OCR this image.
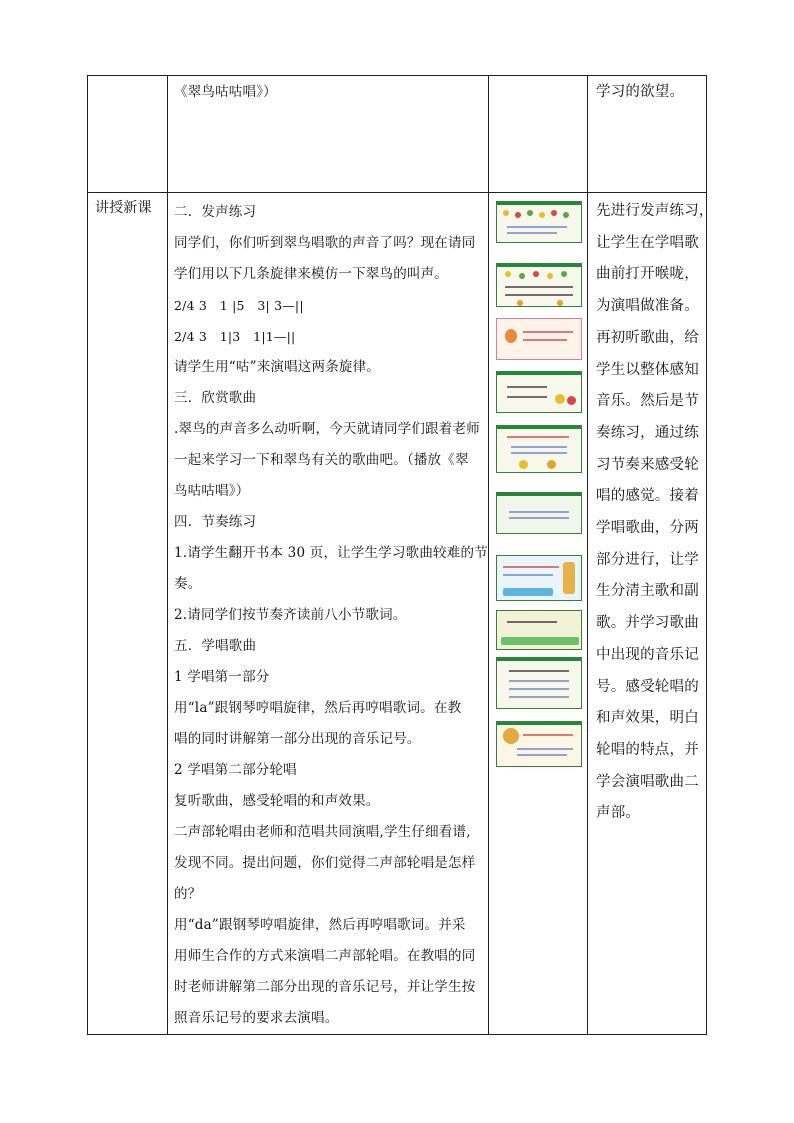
《翠鸟咕咕唱》）	学习的欲望。
讲授新课 二．发声练习
同学们，你们听到翠鸟唱歌的声音了吗？现在请同
学们用以下几条旋律来模仿一下翠鸟的叫声。
2/4 3　1 |5　3| 3—||
2/4 3　1|3　1|1—||
请学生用“咕”来演唱这两条旋律。
三．欣赏歌曲
.翠鸟的声音多么动听啊，今天就请同学们跟着老师
一起来学习一下和翠鸟有关的歌曲吧。（播放《翠
鸟咕咕唱》）
四．节奏练习
1.请学生翻开书本 30 页，让学生学习歌曲较难的节
奏。
2.请同学们按节奏齐读前八小节歌词。
五．学唱歌曲
1 学唱第一部分
用“la”跟钢琴哼唱旋律，然后再哼唱歌词。在教
唱的同时讲解第一部分出现的音乐记号。
2 学唱第二部分轮唱
复听歌曲，感受轮唱的和声效果。
二声部轮唱由老师和范唱共同演唱,学生仔细看谱,
发现不同。提出问题，你们觉得二声部轮唱是怎样
的？
用“da”跟钢琴哼唱旋律，然后再哼唱歌词。并采
用师生合作的方式来演唱二声部轮唱。在教唱的同
时老师讲解第二部分出现的音乐记号，并让学生按
照音乐记号的要求去演唱。
先进行发声练习，
让学生在学唱歌
曲前打开喉咙，
为演唱做准备。
再初听歌曲，给
学生以整体感知
音乐。然后是节
奏练习，通过练
习节奏来感受轮
唱的感觉。接着
学唱歌曲，分两
部分进行，让学
生分清主歌和副
歌。并学习歌曲
中出现的音乐记
号。感受轮唱的
和声效果，明白
轮唱的特点，并
学会演唱歌曲二
声部。
